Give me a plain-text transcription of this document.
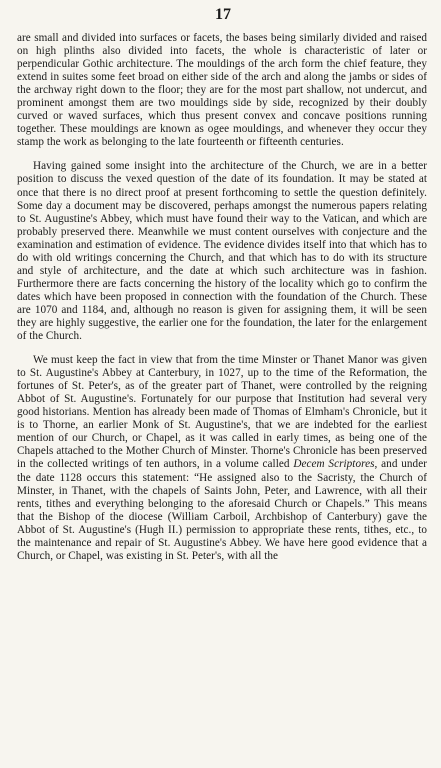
17

are small and divided into surfaces or facets, the bases being similarly divided and raised on high plinths also divided into facets, the whole is characteristic of later or perpendicular Gothic architecture. The mouldings of the arch form the chief feature, they extend in suites some feet broad on either side of the arch and along the jambs or sides of the archway right down to the floor; they are for the most part shallow, not undercut, and prominent amongst them are two mouldings side by side, recognized by their doubly curved or waved surfaces, which thus present convex and concave positions running together. These mouldings are known as ogee mouldings, and whenever they occur they stamp the work as belonging to the late fourteenth or fifteenth centuries.

Having gained some insight into the architecture of the Church, we are in a better position to discuss the vexed question of the date of its foundation. It may be stated at once that there is no direct proof at present forthcoming to settle the question definitely. Some day a document may be discovered, perhaps amongst the numerous papers relating to St. Augustine's Abbey, which must have found their way to the Vatican, and which are probably preserved there. Meanwhile we must content ourselves with conjecture and the examination and estimation of evidence. The evidence divides itself into that which has to do with old writings concerning the Church, and that which has to do with its structure and style of architecture, and the date at which such architecture was in fashion. Furthermore there are facts concerning the history of the locality which go to confirm the dates which have been proposed in connection with the foundation of the Church. These are 1070 and 1184, and, although no reason is given for assigning them, it will be seen they are highly suggestive, the earlier one for the foundation, the later for the enlargement of the Church.

We must keep the fact in view that from the time Minster or Thanet Manor was given to St. Augustine's Abbey at Canterbury, in 1027, up to the time of the Reformation, the fortunes of St. Peter's, as of the greater part of Thanet, were controlled by the reigning Abbot of St. Augustine's. Fortunately for our purpose that Institution had several very good historians. Mention has already been made of Thomas of Elmham's Chronicle, but it is to Thorne, an earlier Monk of St. Augustine's, that we are indebted for the earliest mention of our Church, or Chapel, as it was called in early times, as being one of the Chapels attached to the Mother Church of Minster. Thorne's Chronicle has been preserved in the collected writings of ten authors, in a volume called Decem Scriptores, and under the date 1128 occurs this statement: “He assigned also to the Sacristy, the Church of Minster, in Thanet, with the chapels of Saints John, Peter, and Lawrence, with all their rents, tithes and everything belonging to the aforesaid Church or Chapels.” This means that the Bishop of the diocese (William Carboil, Archbishop of Canterbury) gave the Abbot of St. Augustine's (Hugh II.) permission to appropriate these rents, tithes, etc., to the maintenance and repair of St. Augustine's Abbey. We have here good evidence that a Church, or Chapel, was existing in St. Peter's, with all the
